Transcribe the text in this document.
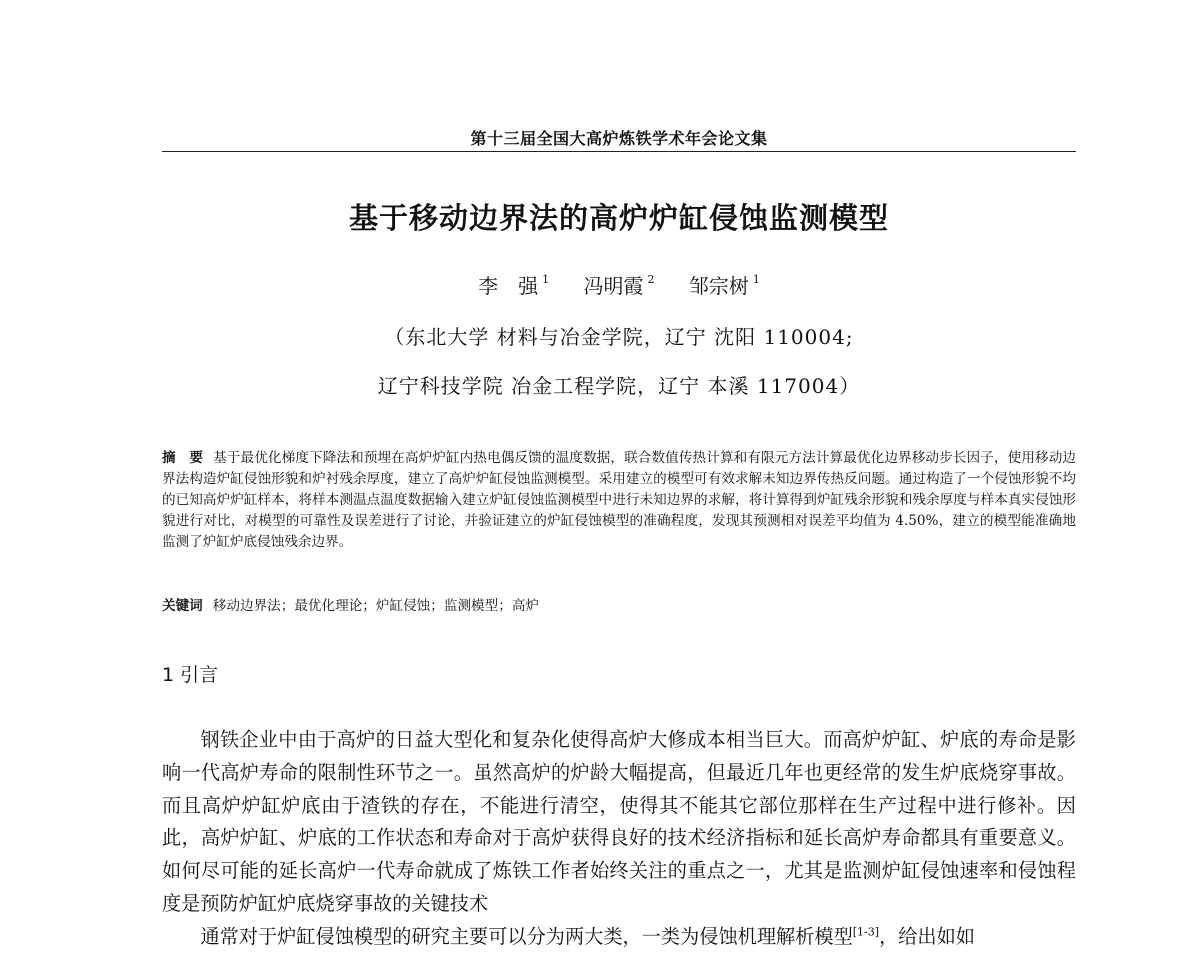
第十三届全国大高炉炼铁学术年会论文集
基于移动边界法的高炉炉缸侵蚀监测模型
李　强 $^1$ 冯明霞 $^2$ 邹宗树 $^1$
（东北大学 材料与冶金学院，辽宁 沈阳 110004;
辽宁科技学院 冶金工程学院，辽宁 本溪 117004）
摘　要 基于最优化梯度下降法和预埋在高炉炉缸内热电偶反馈的温度数据，联合数值传热计算和有限元方法计算最优化边界移动步长因子，使用移动边界法构造炉缸侵蚀形貌和炉衬残余厚度，建立了高炉炉缸侵蚀监测模型。采用建立的模型可有效求解未知边界传热反问题。通过构造了一个侵蚀形貌不均的已知高炉炉缸样本，将样本测温点温度数据输入建立炉缸侵蚀监测模型中进行未知边界的求解，将计算得到炉缸残余形貌和残余厚度与样本真实侵蚀形貌进行对比，对模型的可靠性及误差进行了讨论，并验证建立的炉缸侵蚀模型的准确程度，发现其预测相对误差平均值为 4.50%，建立的模型能准确地监测了炉缸炉底侵蚀残余边界。
关键词 移动边界法；最优化理论；炉缸侵蚀；监测模型；高炉
1 引言

钢铁企业中由于高炉的日益大型化和复杂化使得高炉大修成本相当巨大。而高炉炉缸、炉底的寿命是影响一代高炉寿命的限制性环节之一。虽然高炉的炉龄大幅提高，但最近几年也更经常的发生炉底烧穿事故。而且高炉炉缸炉底由于渣铁的存在，不能进行清空，使得其不能其它部位那样在生产过程中进行修补。因此，高炉炉缸、炉底的工作状态和寿命对于高炉获得良好的技术经济指标和延长高炉寿命都具有重要意义。如何尽可能的延长高炉一代寿命就成了炼铁工作者始终关注的重点之一，尤其是监测炉缸侵蚀速率和侵蚀程度是预防炉缸炉底烧穿事故的关键技术

通常对于炉缸侵蚀模型的研究主要可以分为两大类，一类为侵蚀机理解析模型[1-3]，给出如如
